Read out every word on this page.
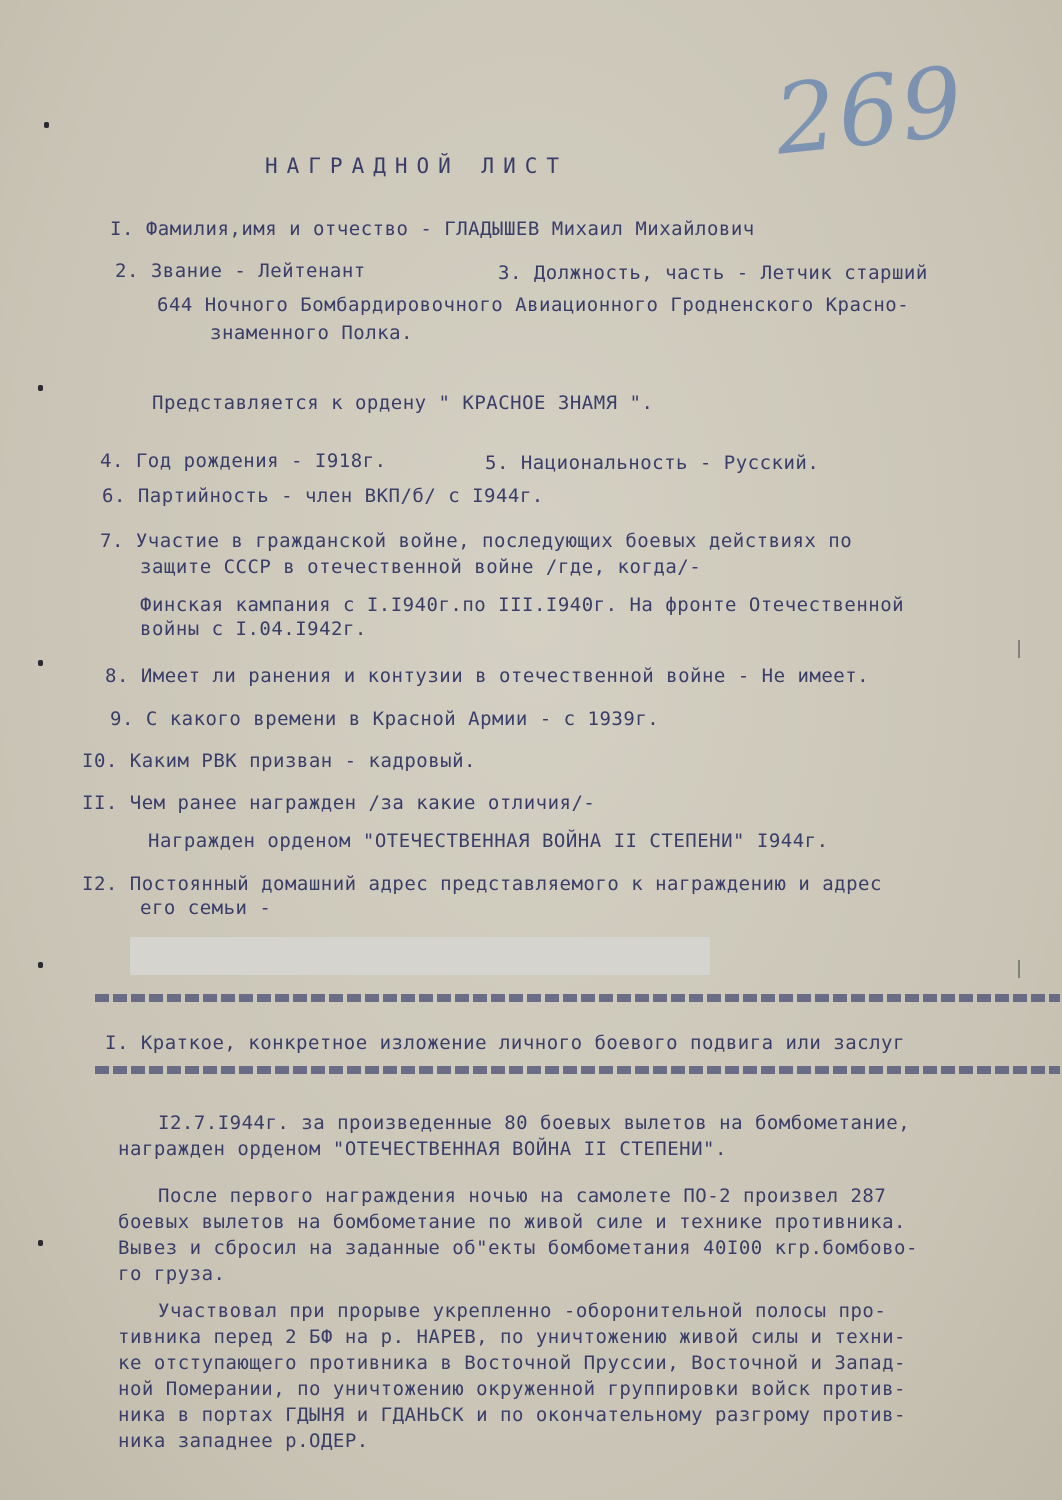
269
НАГРАДНОЙ ЛИСТ
I. Фамилия,имя и отчество - ГЛАДЫШЕВ Михаил Михайлович
2. Звание - Лейтенант	3. Должность, часть - Летчик старший
644 Ночного Бомбардировочного Авиационного Гродненского Красно-
знаменного Полка.
Представляется к ордену " КРАСНОЕ ЗНАМЯ ".
4. Год рождения - I918г.	5. Национальность - Русский.
6. Партийность - член ВКП/б/ с I944г.
7. Участие в гражданской войне, последующих боевых действиях по
защите СССР в отечественной войне /где, когда/-
Финская кампания с I.I940г.по III.I940г. На фронте Отечественной
войны с I.04.I942г.
8. Имеет ли ранения и контузии в отечественной войне - Не имеет.
9. С какого времени в Красной Армии - с 1939г.
I0. Каким РВК призван - кадровый.
II. Чем ранее награжден /за какие отличия/-
Награжден орденом "ОТЕЧЕСТВЕННАЯ ВОЙНА II СТЕПЕНИ" I944г.
I2. Постоянный домашний адрес представляемого к награждению и адрес
его семьи -
I. Краткое, конкретное изложение личного боевого подвига или заслуг
I2.7.I944г. за произведенные 80 боевых вылетов на бомбометание,
награжден орденом "ОТЕЧЕСТВЕННАЯ ВОЙНА II СТЕПЕНИ".
После первого награждения ночью на самолете ПО-2 произвел 287
боевых вылетов на бомбометание по живой силе и технике противника.
Вывез и сбросил на заданные об"екты бомбометания 40I00 кгр.бомбово-
го груза.
Участвовал при прорыве укрепленно -оборонительной полосы про-
тивника перед 2 БФ на р. НАРЕВ, по уничтожению живой силы и техни-
ке отступающего противника в Восточной Пруссии, Восточной и Запад-
ной Померании, по уничтожению окруженной группировки войск против-
ника в портах ГДЫНЯ и ГДАНЬСК и по окончательному разгрому против-
ника западнее р.ОДЕР.
